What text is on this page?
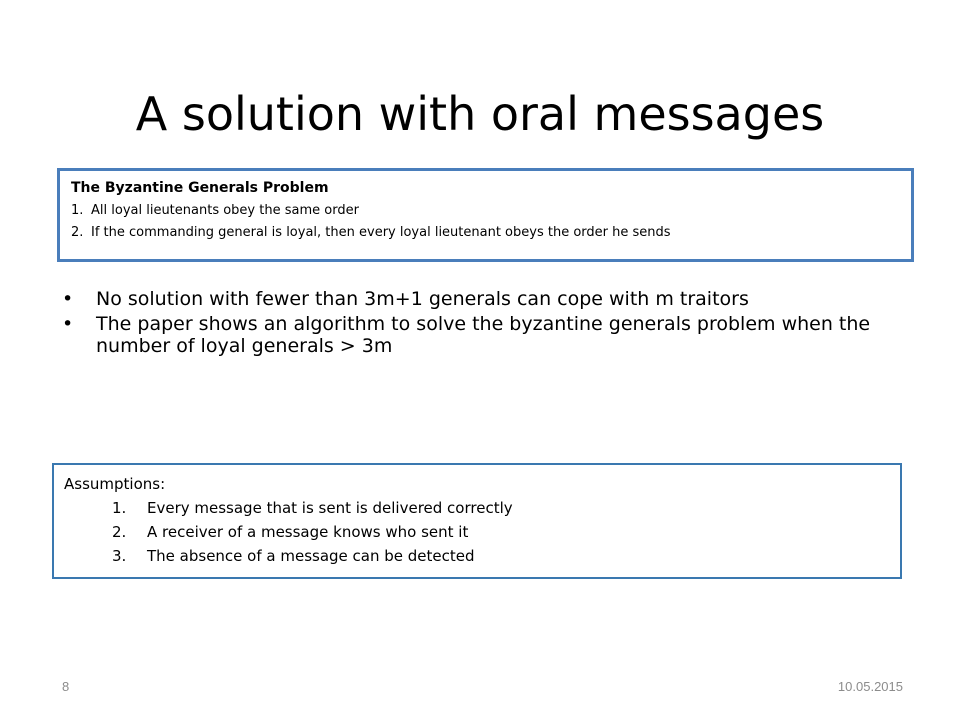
A solution with oral messages
The Byzantine Generals Problem
1. All loyal lieutenants obey the same order
2. If the commanding general is loyal, then every loyal lieutenant obeys the order he sends
• No solution with fewer than 3m+1 generals can cope with m traitors
• The paper shows an algorithm to solve the byzantine generals problem when the number of loyal generals > 3m
Assumptions:
1.	Every message that is sent is delivered correctly
2.	A receiver of a message knows who sent it
3.	The absence of a message can be detected
8	10.05.2015
